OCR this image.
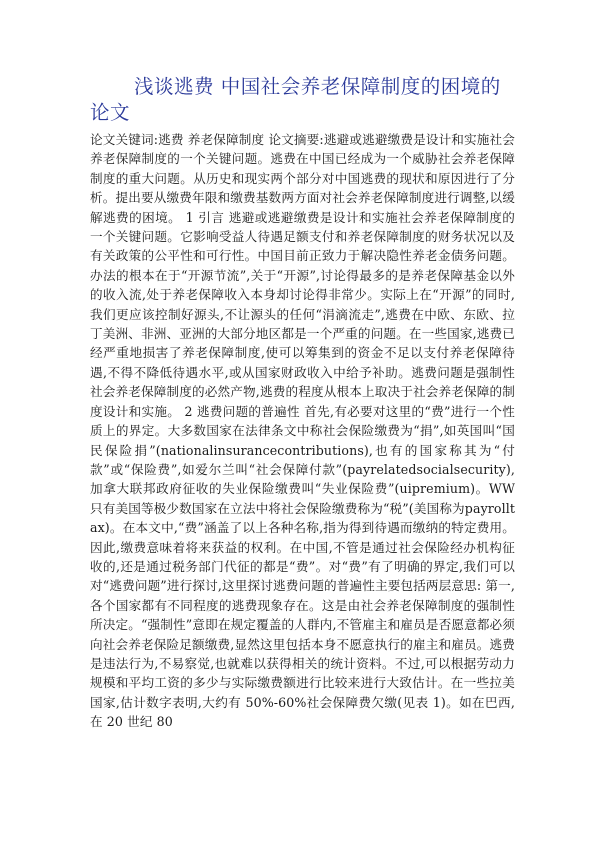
浅谈逃费 中国社会养老保障制度的困境的论文

论文关键词:逃费 养老保障制度 论文摘要:逃避或逃避缴费是设计和实施社会养老保障制度的一个关键问题。逃费在中国已经成为一个威胁社会养老保障制度的重大问题。从历史和现实两个部分对中国逃费的现状和原因进行了分析。提出要从缴费年限和缴费基数两方面对社会养老保障制度进行调整,以缓解逃费的困境。 1 引言 逃避或逃避缴费是设计和实施社会养老保障制度的一个关键问题。它影响受益人待遇足额支付和养老保障制度的财务状况以及有关政策的公平性和可行性。中国目前正致力于解决隐性养老金债务问题。办法的根本在于“开源节流”,关于“开源”,讨论得最多的是养老保障基金以外的收入流,处于养老保障收入本身却讨论得非常少。实际上在“开源”的同时,我们更应该控制好源头,不让源头的任何“涓滴流走”,逃费在中欧、东欧、拉丁美洲、非洲、亚洲的大部分地区都是一个严重的问题。在一些国家,逃费已经严重地损害了养老保障制度,使可以筹集到的资金不足以支付养老保障待遇,不得不降低待遇水平,或从国家财政收入中给予补助。逃费问题是强制性社会养老保障制度的必然产物,逃费的程度从根本上取决于社会养老保障的制度设计和实施。 2 逃费问题的普遍性 首先,有必要对这里的“费”进行一个性质上的界定。大多数国家在法律条文中称社会保险缴费为“捐”,如英国叫“国民保险捐”(nationalinsurancecontributions),也有的国家称其为“付款”或“保险费”,如爱尔兰叫“社会保障付款”(payrelatedsocialsecurity),加拿大联邦政府征收的失业保险缴费叫“失业保险费”(uipremium)。WW 只有美国等极少数国家在立法中将社会保险缴费称为“税”(美国称为payrolltax)。在本文中,“费”涵盖了以上各种名称,指为得到待遇而缴纳的特定费用。因此,缴费意味着将来获益的权利。在中国,不管是通过社会保险经办机构征收的,还是通过税务部门代征的都是“费”。对“费”有了明确的界定,我们可以对“逃费问题”进行探讨,这里探讨逃费问题的普遍性主要包括两层意思: 第一,各个国家都有不同程度的逃费现象存在。这是由社会养老保障制度的强制性所决定。“强制性”意即在规定覆盖的人群内,不管雇主和雇员是否愿意都必须向社会养老保险足额缴费,显然这里包括本身不愿意执行的雇主和雇员。逃费是违法行为,不易察觉,也就难以获得相关的统计资料。不过,可以根据劳动力规模和平均工资的多少与实际缴费额进行比较来进行大致估计。在一些拉美国家,估计数字表明,大约有 50%-60%社会保障费欠缴(见表 1)。如在巴西,在 20 世纪 80
